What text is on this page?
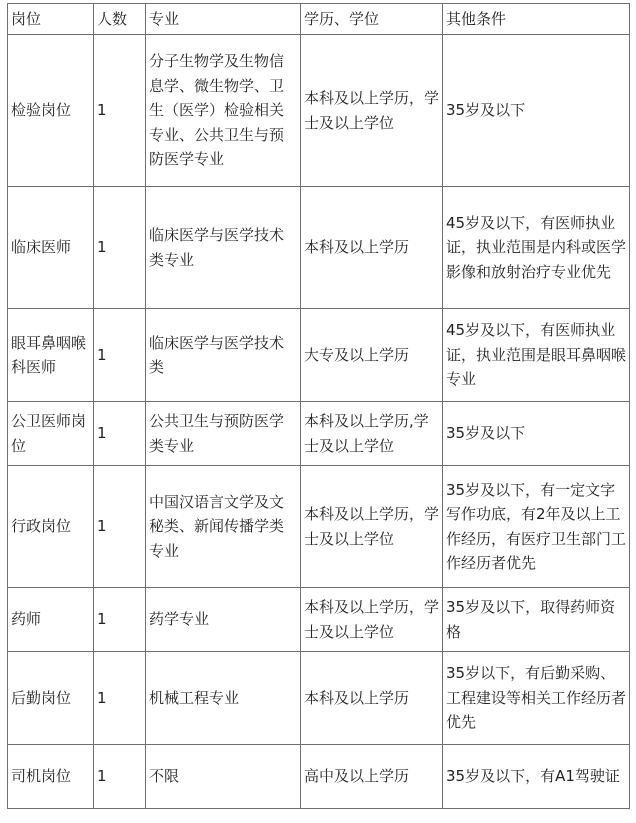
岗位	人数	专业	学历、学位	其他条件
检验岗位	1	分子生物学及生物信息学、微生物学、卫生（医学）检验相关专业、公共卫生与预防医学专业	本科及以上学历，学士及以上学位	35岁及以下
临床医师	1	临床医学与医学技术类专业	本科及以上学历	45岁及以下，有医师执业证，执业范围是内科或医学影像和放射治疗专业优先
眼耳鼻咽喉科医师	1	临床医学与医学技术类	大专及以上学历	45岁及以下，有医师执业证，执业范围是眼耳鼻咽喉专业
公卫医师岗位	1	公共卫生与预防医学类专业	本科及以上学历,学士及以上学位	35岁及以下
行政岗位	1	中国汉语言文学及文秘类、新闻传播学类专业	本科及以上学历，学士及以上学位	35岁及以下，有一定文字写作功底，有2年及以上工作经历，有医疗卫生部门工作经历者优先
药师	1	药学专业	本科及以上学历，学士及以上学位	35岁及以下，取得药师资格
后勤岗位	1	机械工程专业	本科及以上学历	35岁以下，有后勤采购、工程建设等相关工作经历者优先
司机岗位	1	不限	高中及以上学历	35岁及以下，有A1驾驶证
